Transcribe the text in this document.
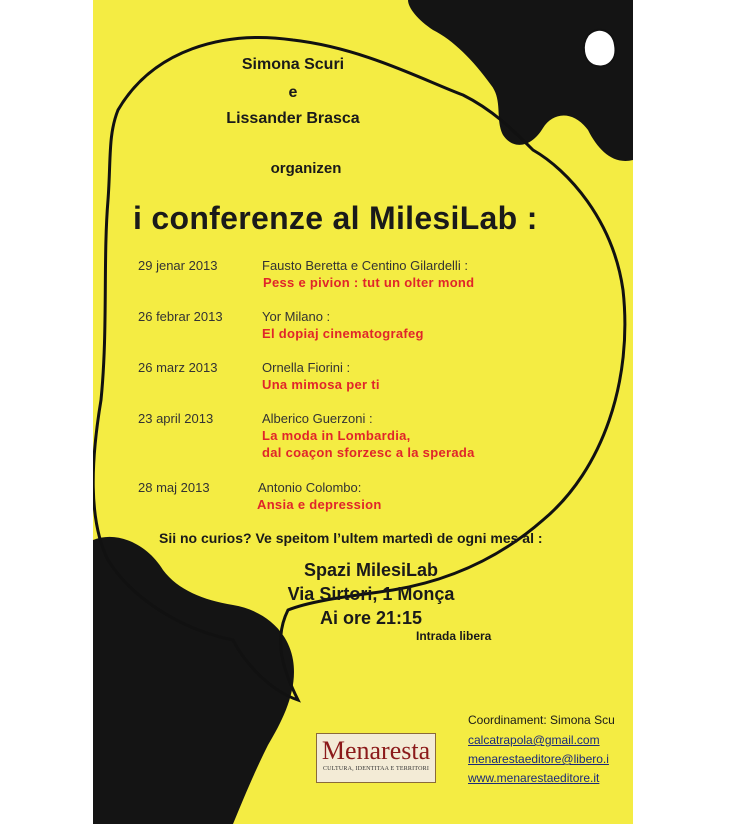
Simona Scuri
e
Lissander Brasca
organizen
i conferenze al MilesiLab :
29 jenar 2013	Fausto Beretta e Centino Gilardelli :
Pess e pivion : tut un olter mond
26 febrar 2013	Yor Milano :
El dopiaj cinematografeg
26 marz 2013	Ornella Fiorini :
Una mimosa per ti
23 april 2013	Alberico Guerzoni :
La moda in Lombardia,
dal coaçon sforzesc a la sperada
28 maj 2013	Antonio Colombo:
Ansia e depression
Sii no curios? Ve speitom l’ultem martedì de ogni mes al :
Spazi MilesiLab
Via Sirtori, 1 Monça
Ai ore 21:15
Intrada libera
Menaresta
CULTURA, IDENTITAA E TERRITORI
Coordinament: Simona Scu
calcatrapola@gmail.com
menarestaeditore@libero.i
www.menarestaeditore.it
